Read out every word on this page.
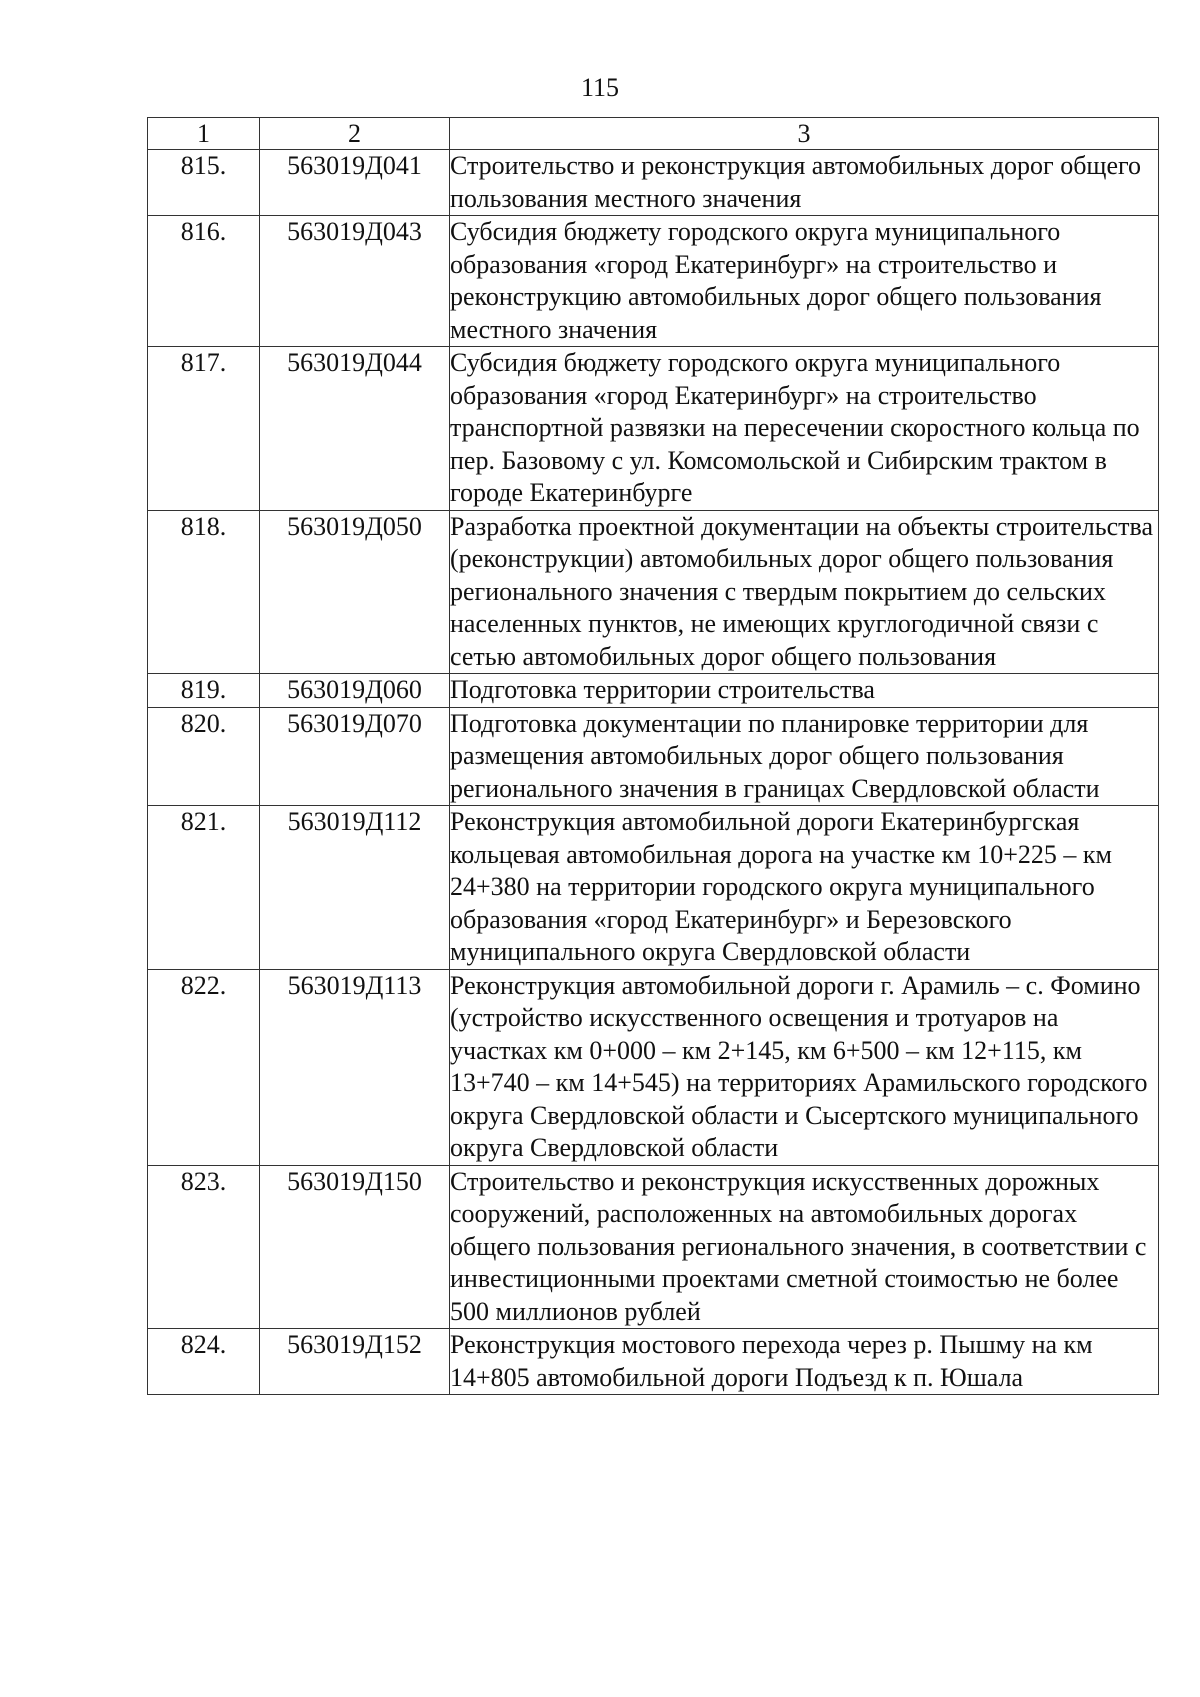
115
1	2	3
815.	563019Д041	Строительство и реконструкция автомобильных дорог общего пользования местного значения
816.	563019Д043	Субсидия бюджету городского округа муниципального образования «город Екатеринбург» на строительство и реконструкцию автомобильных дорог общего пользования местного значения
817.	563019Д044	Субсидия бюджету городского округа муниципального образования «город Екатеринбург» на строительство транспортной развязки на пересечении скоростного кольца по пер. Базовому с ул. Комсомольской и Сибирским трактом в городе Екатеринбурге
818.	563019Д050	Разработка проектной документации на объекты строительства (реконструкции) автомобильных дорог общего пользования регионального значения с твердым покрытием до сельских населенных пунктов, не имеющих круглогодичной связи с сетью автомобильных дорог общего пользования
819.	563019Д060	Подготовка территории строительства
820.	563019Д070	Подготовка документации по планировке территории для размещения автомобильных дорог общего пользования регионального значения в границах Свердловской области
821.	563019Д112	Реконструкция автомобильной дороги Екатеринбургская кольцевая автомобильная дорога на участке км 10+225 – км 24+380 на территории городского округа муниципального образования «город Екатеринбург» и Березовского муниципального округа Свердловской области
822.	563019Д113	Реконструкция автомобильной дороги г. Арамиль – с. Фомино (устройство искусственного освещения и тротуаров на участках км 0+000 – км 2+145, км 6+500 – км 12+115, км 13+740 – км 14+545) на территориях Арамильского городского округа Свердловской области и Сысертского муниципального округа Свердловской области
823.	563019Д150	Строительство и реконструкция искусственных дорожных сооружений, расположенных на автомобильных дорогах общего пользования регионального значения, в соответствии с инвестиционными проектами сметной стоимостью не более 500 миллионов рублей
824.	563019Д152	Реконструкция мостового перехода через р. Пышму на км 14+805 автомобильной дороги Подъезд к п. Юшала
